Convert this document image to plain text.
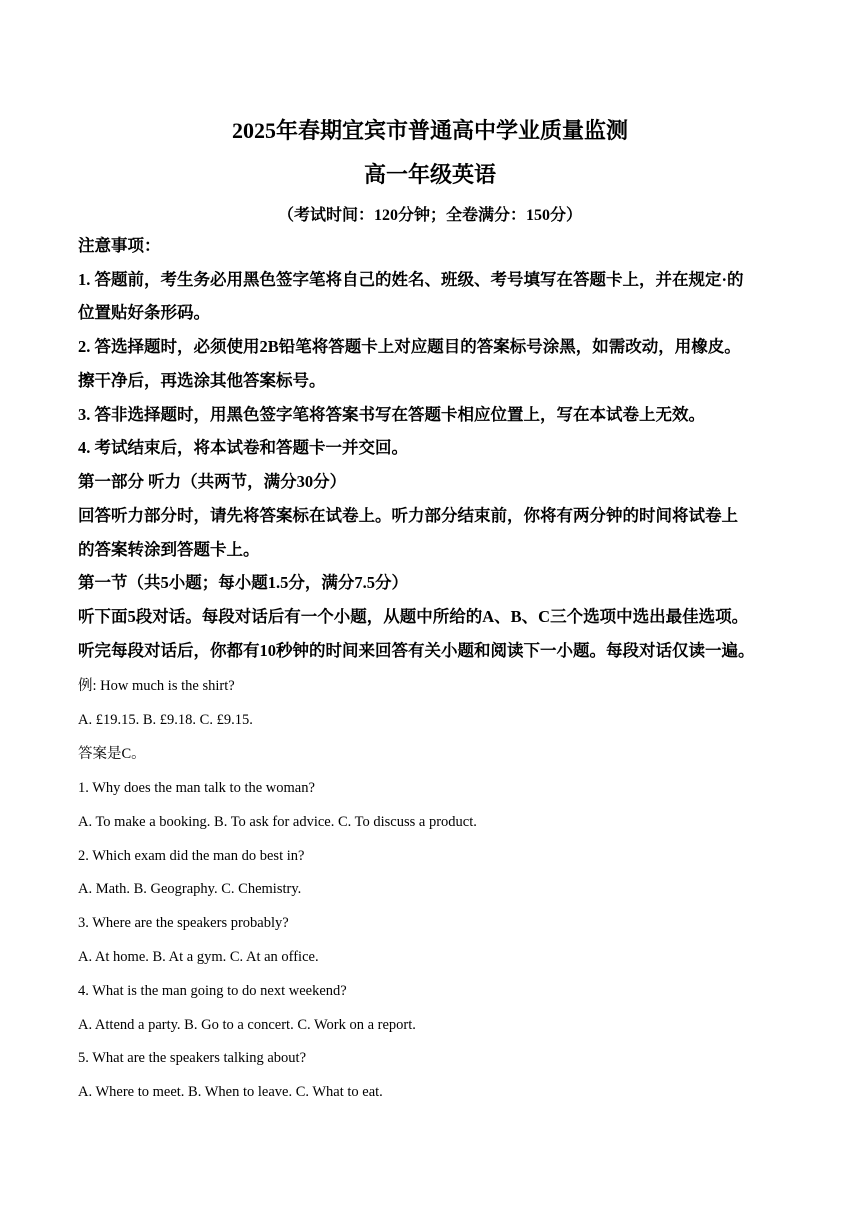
2025年春期宜宾市普通高中学业质量监测
高一年级英语
（考试时间：120分钟；全卷满分：150分）
注意事项：
1. 答题前，考生务必用黑色签字笔将自己的姓名、班级、考号填写在答题卡上，并在规定·的
位置贴好条形码。
2. 答选择题时，必须使用2B铅笔将答题卡上对应题目的答案标号涂黑，如需改动，用橡皮。
擦干净后，再选涂其他答案标号。
3. 答非选择题时，用黑色签字笔将答案书写在答题卡相应位置上，写在本试卷上无效。
4. 考试结束后，将本试卷和答题卡一并交回。
第一部分 听力（共两节，满分30分）
回答听力部分时，请先将答案标在试卷上。听力部分结束前，你将有两分钟的时间将试卷上
的答案转涂到答题卡上。
第一节（共5小题；每小题1.5分，满分7.5分）
听下面5段对话。每段对话后有一个小题，从题中所给的A、B、C三个选项中选出最佳选项。
听完每段对话后，你都有10秒钟的时间来回答有关小题和阅读下一小题。每段对话仅读一遍。
例: How much is the shirt?
A. £19.15. B. £9.18. C. £9.15.
答案是C。
1. Why does the man talk to the woman?
A. To make a booking. B. To ask for advice. C. To discuss a product.
2. Which exam did the man do best in?
A. Math. B. Geography. C. Chemistry.
3. Where are the speakers probably?
A. At home. B. At a gym. C. At an office.
4. What is the man going to do next weekend?
A. Attend a party. B. Go to a concert. C. Work on a report.
5. What are the speakers talking about?
A. Where to meet. B. When to leave. C. What to eat.
